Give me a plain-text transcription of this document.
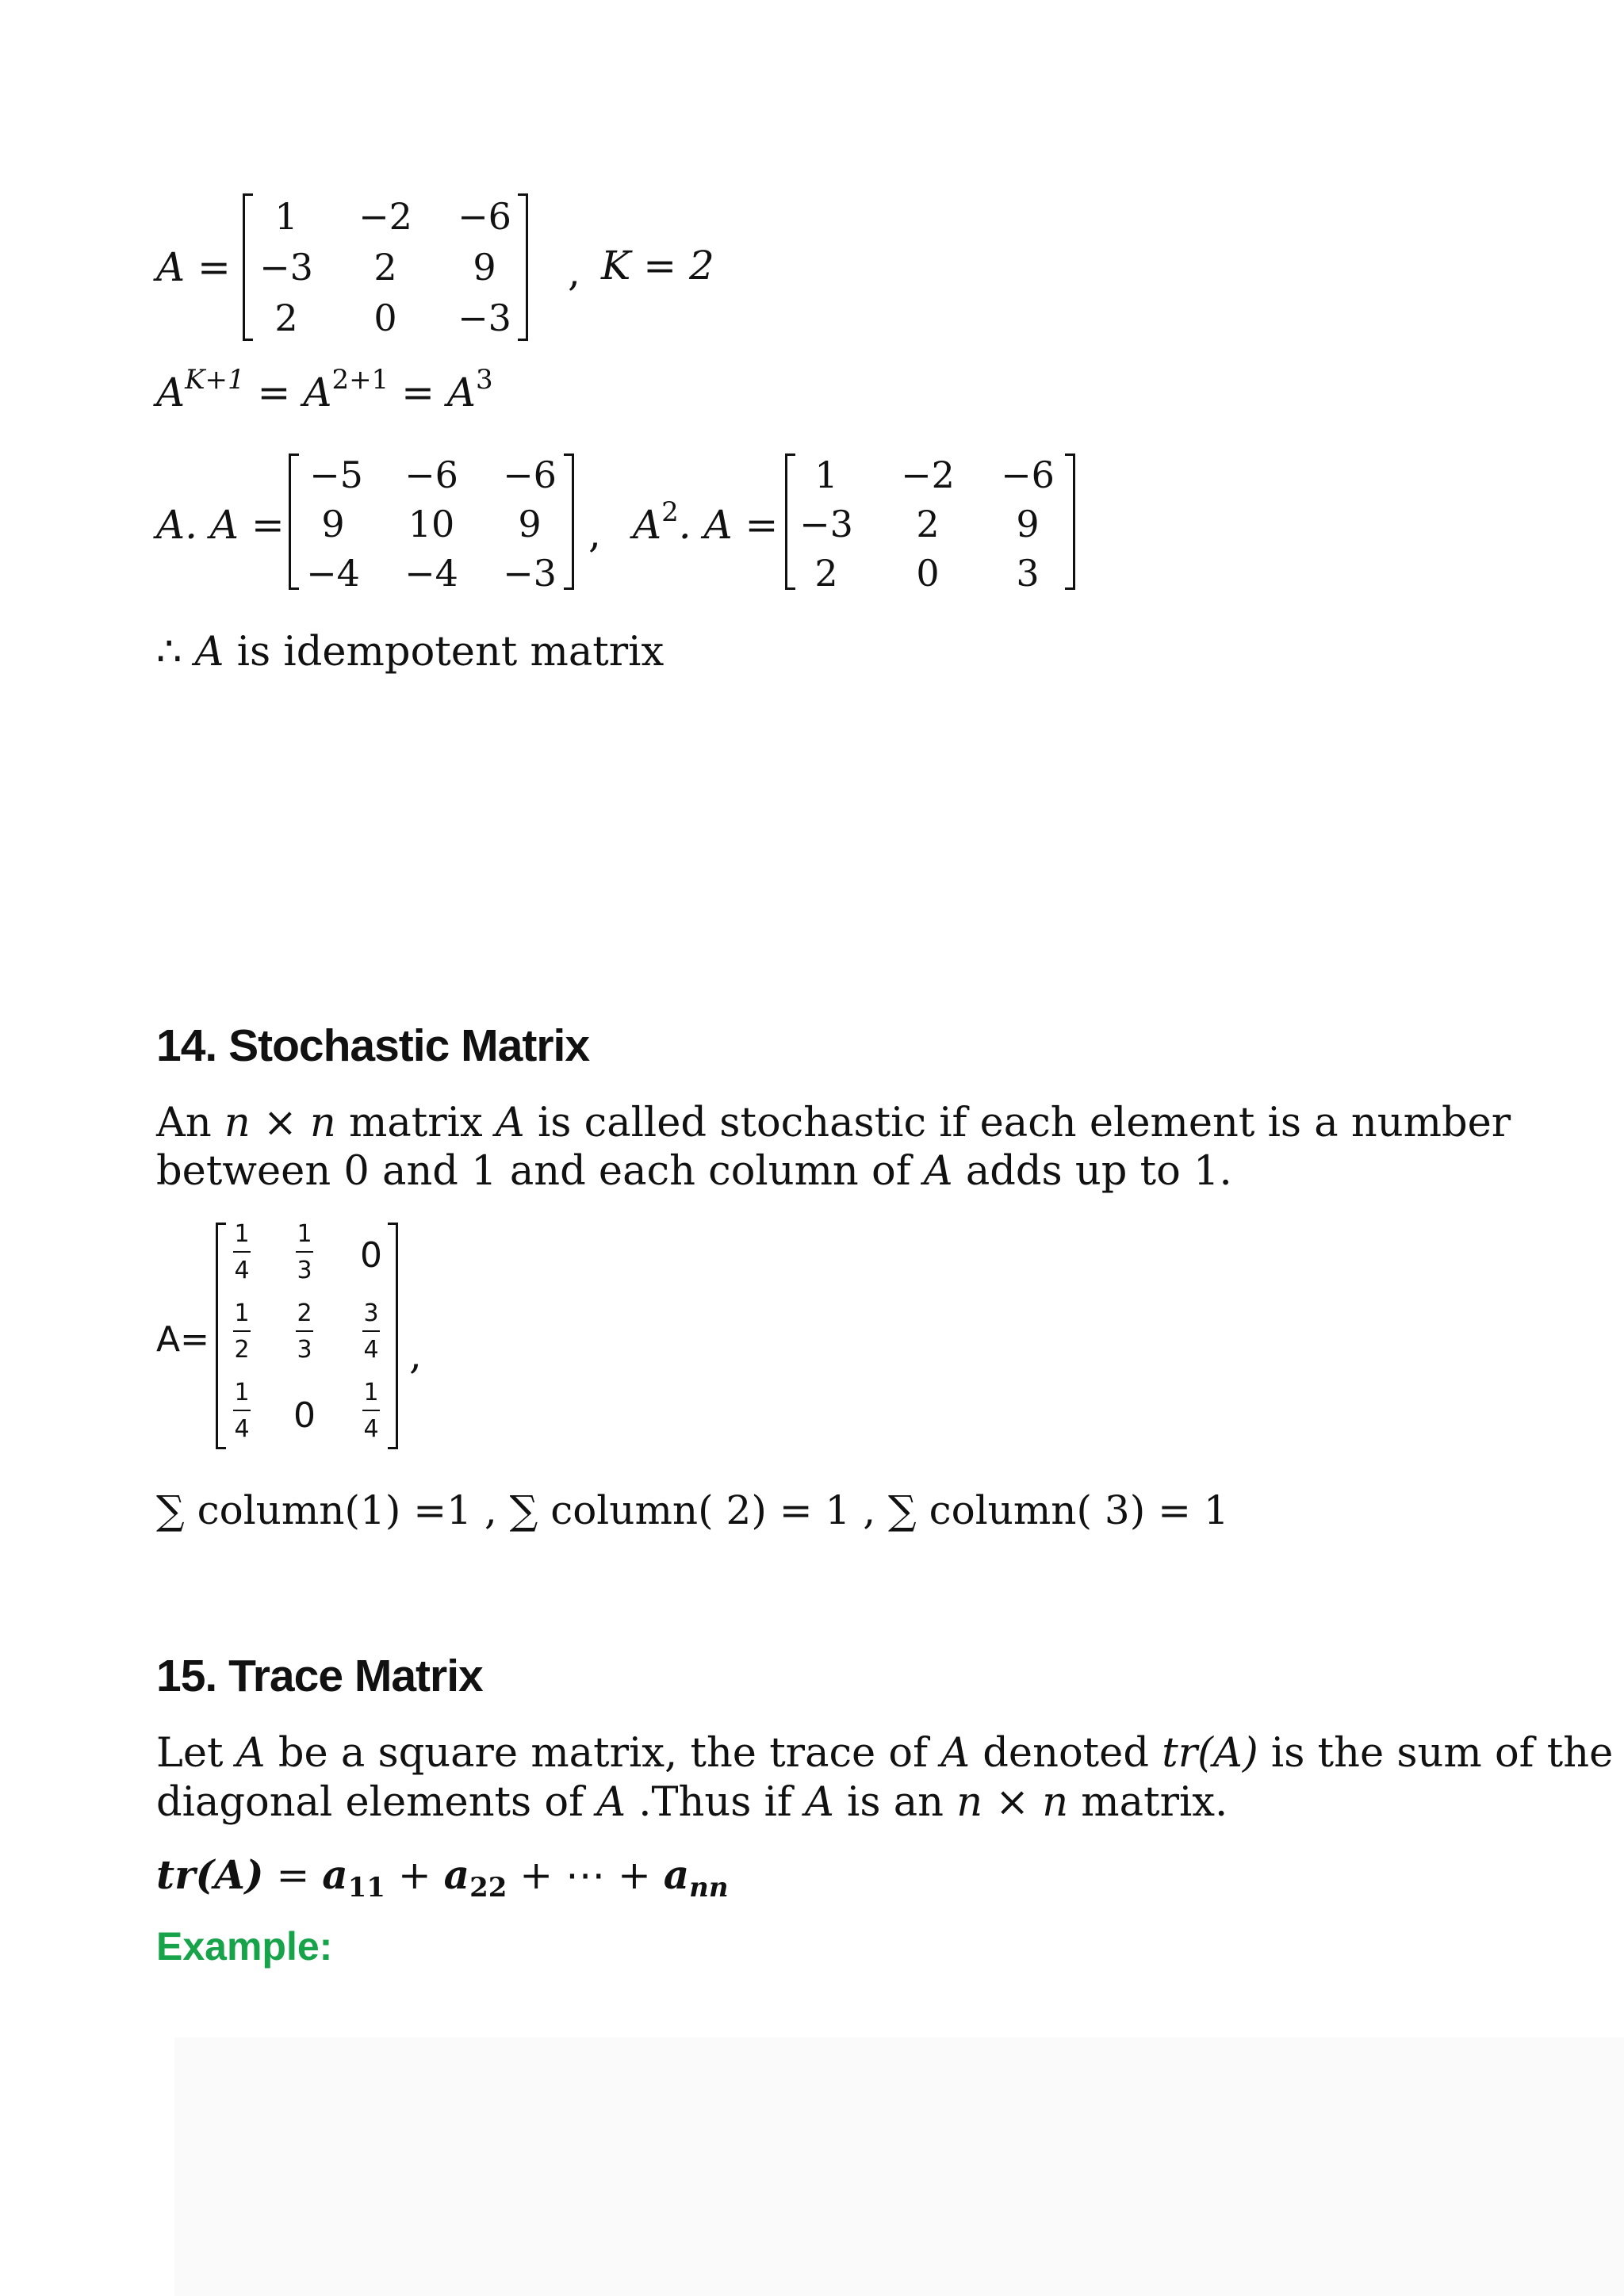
A =
1 −2 −6
−3 2 9
2 0 −3
, K = 2
$A^{K+1} = A^{2+1} = A^3$
A. A =
−5 −6 −6
9 10 9
−4 −4 −3
, $A^2$. A =
1 −2 −6
−3 2 9
2 0 3
∴ A is idempotent matrix
14. Stochastic Matrix
An n × n matrix A is called stochastic if each element is a number
between 0 and 1 and each column of A adds up to 1.
A=
1
4
1
3 0
1
2
2
3
3
4
1
4 0
1
4
,
∑ column(1) =1 , ∑ column( 2) = 1 , ∑ column( 3) = 1
15. Trace Matrix
Let A be a square matrix, the trace of A denoted tr(A) is the sum of the
diagonal elements of A .Thus if A is an n × n matrix.
$tr(A) = a_{11} + a_{22}$ + ⋯ + $a_{nn}$
Example:
